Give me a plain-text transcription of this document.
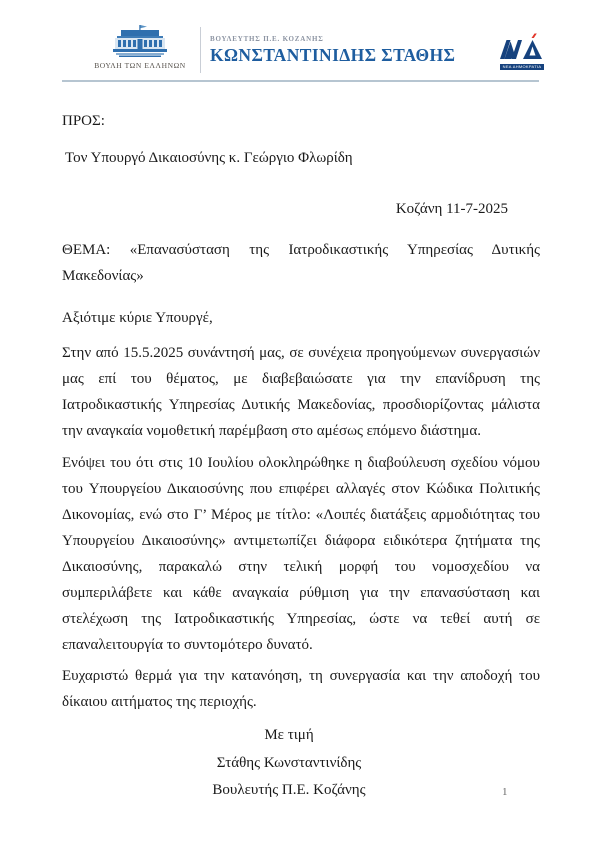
ΒΟΥΛΗ ΤΩΝ ΕΛΛΗΝΩΝ
ΒΟΥΛΕΥΤΗΣ Π.Ε. ΚΟΖΑΝΗΣ
ΚΩΝΣΤΑΝΤΙΝΙΔΗΣ ΣΤΑΘΗΣ
ΝΕΑ ΔΗΜΟΚΡΑΤΙΑ

ΠΡΟΣ:

Τον Υπουργό Δικαιοσύνης κ. Γεώργιο Φλωρίδη

Κοζάνη 11-7-2025

ΘΕΜΑ: «Επανασύσταση της Ιατροδικαστικής Υπηρεσίας Δυτικής Μακεδονίας»

Αξιότιμε κύριε Υπουργέ,

Στην από 15.5.2025 συνάντησή μας, σε συνέχεια προηγούμενων συνεργασιών μας επί του θέματος, με διαβεβαιώσατε για την επανίδρυση της Ιατροδικαστικής Υπηρεσίας Δυτικής Μακεδονίας, προσδιορίζοντας μάλιστα την αναγκαία νομοθετική παρέμβαση στο αμέσως επόμενο διάστημα.

Ενόψει του ότι στις 10 Ιουλίου ολοκληρώθηκε η διαβούλευση σχεδίου νόμου του Υπουργείου Δικαιοσύνης που επιφέρει αλλαγές στον Κώδικα Πολιτικής Δικονομίας, ενώ στο Γ’ Μέρος με τίτλο: «Λοιπές διατάξεις αρμοδιότητας του Υπουργείου Δικαιοσύνης» αντιμετωπίζει διάφορα ειδικότερα ζητήματα της Δικαιοσύνης, παρακαλώ στην τελική μορφή του νομοσχεδίου να συμπεριλάβετε και κάθε αναγκαία ρύθμιση για την επανασύσταση και στελέχωση της Ιατροδικαστικής Υπηρεσίας, ώστε να τεθεί αυτή σε επαναλειτουργία το συντομότερο δυνατό.

Ευχαριστώ θερμά για την κατανόηση, τη συνεργασία και την αποδοχή του δίκαιου αιτήματος της περιοχής.

Με τιμή

Στάθης Κωνσταντινίδης

Βουλευτής Π.Ε. Κοζάνης	1
